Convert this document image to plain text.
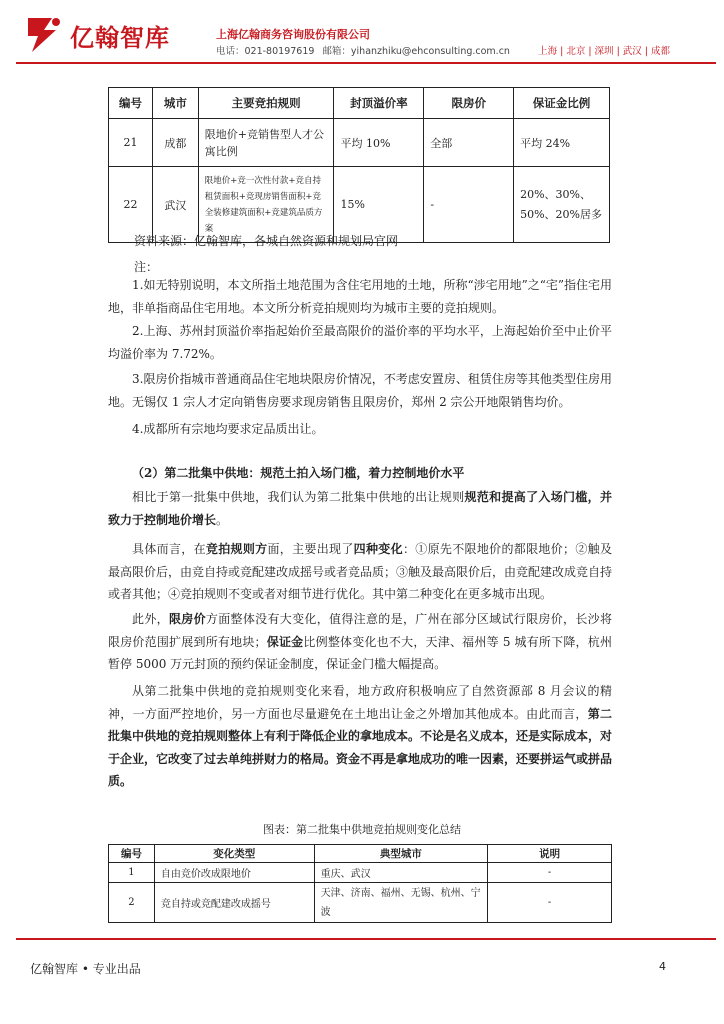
亿翰智库	上海亿翰商务咨询股份有限公司
电话：021-80197619 邮箱：yihanzhiku@ehconsulting.com.cn	上海 | 北京 | 深圳 | 武汉 | 成都
编号	城市	主要竞拍规则	封顶溢价率	限房价	保证金比例
21	成都	限地价+竞销售型人才公寓比例	平均 10%	全部	平均 24%
22	武汉	限地价+竞一次性付款+竞自持租赁面积+竞现房销售面积+竞全装修建筑面积+竞建筑品质方案	15%	-	20%、30%、50%、20%居多
资料来源：亿翰智库，各城自然资源和规划局官网
注：
1.如无特别说明，本文所指土地范围为含住宅用地的土地，所称“涉宅用地”之“宅”指住宅用地，非单指商品住宅用地。本文所分析竞拍规则均为城市主要的竞拍规则。
2.上海、苏州封顶溢价率指起始价至最高限价的溢价率的平均水平，上海起始价至中止价平均溢价率为 7.72%。
3.限房价指城市普通商品住宅地块限房价情况，不考虑安置房、租赁住房等其他类型住房用地。无锡仅 1 宗人才定向销售房要求现房销售且限房价，郑州 2 宗公开地限销售均价。
4.成都所有宗地均要求定品质出让。
（2）第二批集中供地：规范土拍入场门槛，着力控制地价水平
相比于第一批集中供地，我们认为第二批集中供地的出让规则规范和提高了入场门槛，并致力于控制地价增长。
具体而言，在竞拍规则方面，主要出现了四种变化：①原先不限地价的都限地价；②触及最高限价后，由竞自持或竞配建改成摇号或者竞品质；③触及最高限价后，由竞配建改成竞自持或者其他；④竞拍规则不变或者对细节进行优化。其中第二种变化在更多城市出现。
此外，限房价方面整体没有大变化，值得注意的是，广州在部分区域试行限房价，长沙将限房价范围扩展到所有地块；保证金比例整体变化也不大，天津、福州等 5 城有所下降，杭州暂停 5000 万元封顶的预约保证金制度，保证金门槛大幅提高。
从第二批集中供地的竞拍规则变化来看，地方政府积极响应了自然资源部 8 月会议的精神，一方面严控地价，另一方面也尽量避免在土地出让金之外增加其他成本。由此而言，第二批集中供地的竞拍规则整体上有利于降低企业的拿地成本。不论是名义成本，还是实际成本，对于企业，它改变了过去单纯拼财力的格局。资金不再是拿地成功的唯一因素，还要拼运气或拼品质。
图表：第二批集中供地竞拍规则变化总结
编号	变化类型	典型城市	说明
1	自由竞价改成限地价	重庆、武汉	-
2	竞自持或竞配建改成摇号	天津、济南、福州、无锡、杭州、宁波	-
亿翰智库 • 专业出品	4
